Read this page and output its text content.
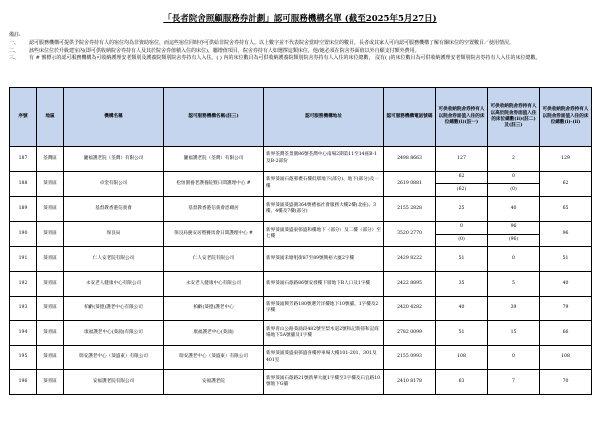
「長者院舍照顧服務券計劃」認可服務機構名單 (截至2025年5月27日)
備註:
一、	認可服務機構可提供予院舍券持有人的宿位均為非資助宿位，而這些宿位同時亦可供給非院舍券持有人。以上數字並不代表院舍當時空置床位的數目，長者或其家人可向認可服務機構了解有關床位的空置數目／使用情況。
二、	該些床位位於升級建室內(即可供收納院舍券持有人及其於院舍券值積入住的床位)，屬增值項目，院舍券持有人如選擇這類床位，他/她必須在院舍券面值以外自願支付額外費用。
三、	有 # 號標示的認可服務機構為可收納護理安老類別及護養院類別院舍券持有人入住。( ) 內的床位數目為可供收納護養院類別院舍券持有人入住的床位總數， 沒有( )的床位數目為可供收納護理安老類別院舍券持有人入住的床位總數。
序號	地區	機構名稱	認可服務機構名稱(註三)	認可服務機構地址	認可服務機構電話號碼	可供收納院舍券持有人以院舍券面值入住的床位總數(i)(註一)	可供收納院舍券持有人以高於院舍券面值入住的床位總數(ii)(註二)及(註三)	可供收納院舍券持有人以院舍券面值入住的床位總數(i)-(ii)
187	荃灣區	儷福護老院（荃灣）有限公司	儷福護老院（荃灣）有限公司	新界荃灣荃景圍86號荃灣中心南場2期第11至14座B-1及B-2部份	2498 8663	127	2	129
188	葵青區	卓金有限公司	松恒園養老護養院暨日間護理中心 #	新界葵涌石蔭邨禮石樓低層地下(部分)、地下(部分)及一樓	2619 0881	62	0	62
						(62)	(0)	
189	葵青區	基督教香港信義會	基督教香港信義會恩頤居	新界葵涌葵盛圍364號禮福社會服務大樓2樓(北座)、3樓、4樓及7樓(部分)	2155 2828	25	40	65
190	葵青區	保良局	保良局慶安居暨賽馬會日間護理中心 #	新界葵涌葵盛東邨盛和樓地下（部分）及二樓（部分）至七樓	3520 2770	0	96	96
						(0)	(96)	
191	葵青區	仁人安老院有限公司	仁人安老院有限公司	新界葵涌禾塘咀街87至89號興裕大廈2字樓	2429 8222	51	0	51
192	葵青區	永安老人健康中心有限公司	永安老人健康中心有限公司	新界葵涌石蔭路86號安發樓下層地下B人口及1字樓	2422 8895	35	5	40
193	葵青區	柏齡(葵德)護老中心有限公司	柏齡(葵德)護老中心	新界葵涌興芳路180號選芳洋樓地下10號舖、1字樓及2字樓	2420 4282	40	39	79
194	葵青區	康福護老中心(葵涌)有限公司	康福護老中心(葵涌)	新界青山公路葵涌段482號至梨木道2號和記新邨和記商場地下5A號舖及1字樓	2782 0099	51	15	66
195	葵青區	瑞安護老中心（葵盛東）有限公司	瑞安護老中心（葵盛東）有限公司	新界葵涌葵盛東邨盛喜樓停車場大樓101-201、301及401室	2155 0993	108	0	108
196	葵青區	安福護老院有限公司	安福護老院	新界葵涌石蔭路21號新華大廈1字樓至3字樓及石宜路10號地下G舖	2410 8178	63	7	70
